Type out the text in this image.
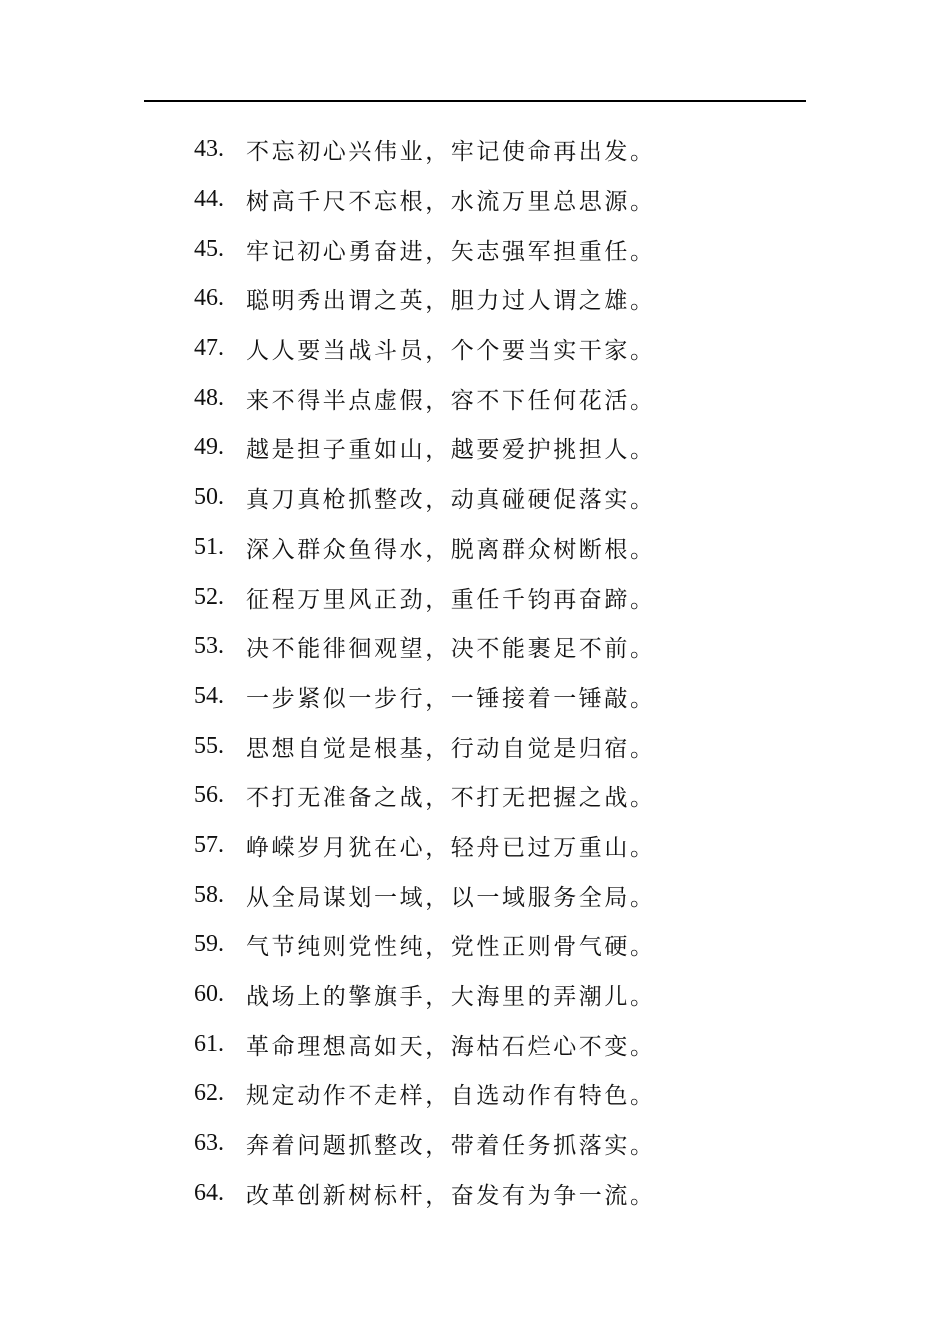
43. 不忘初心兴伟业，牢记使命再出发。
44. 树高千尺不忘根，水流万里总思源。
45. 牢记初心勇奋进，矢志强军担重任。
46. 聪明秀出谓之英，胆力过人谓之雄。
47. 人人要当战斗员，个个要当实干家。
48. 来不得半点虚假，容不下任何花活。
49. 越是担子重如山，越要爱护挑担人。
50. 真刀真枪抓整改，动真碰硬促落实。
51. 深入群众鱼得水，脱离群众树断根。
52. 征程万里风正劲，重任千钧再奋蹄。
53. 决不能徘徊观望，决不能裹足不前。
54. 一步紧似一步行，一锤接着一锤敲。
55. 思想自觉是根基，行动自觉是归宿。
56. 不打无准备之战，不打无把握之战。
57. 峥嵘岁月犹在心，轻舟已过万重山。
58. 从全局谋划一域，以一域服务全局。
59. 气节纯则党性纯，党性正则骨气硬。
60. 战场上的擎旗手，大海里的弄潮儿。
61. 革命理想高如天，海枯石烂心不变。
62. 规定动作不走样，自选动作有特色。
63. 奔着问题抓整改，带着任务抓落实。
64. 改革创新树标杆，奋发有为争一流。
